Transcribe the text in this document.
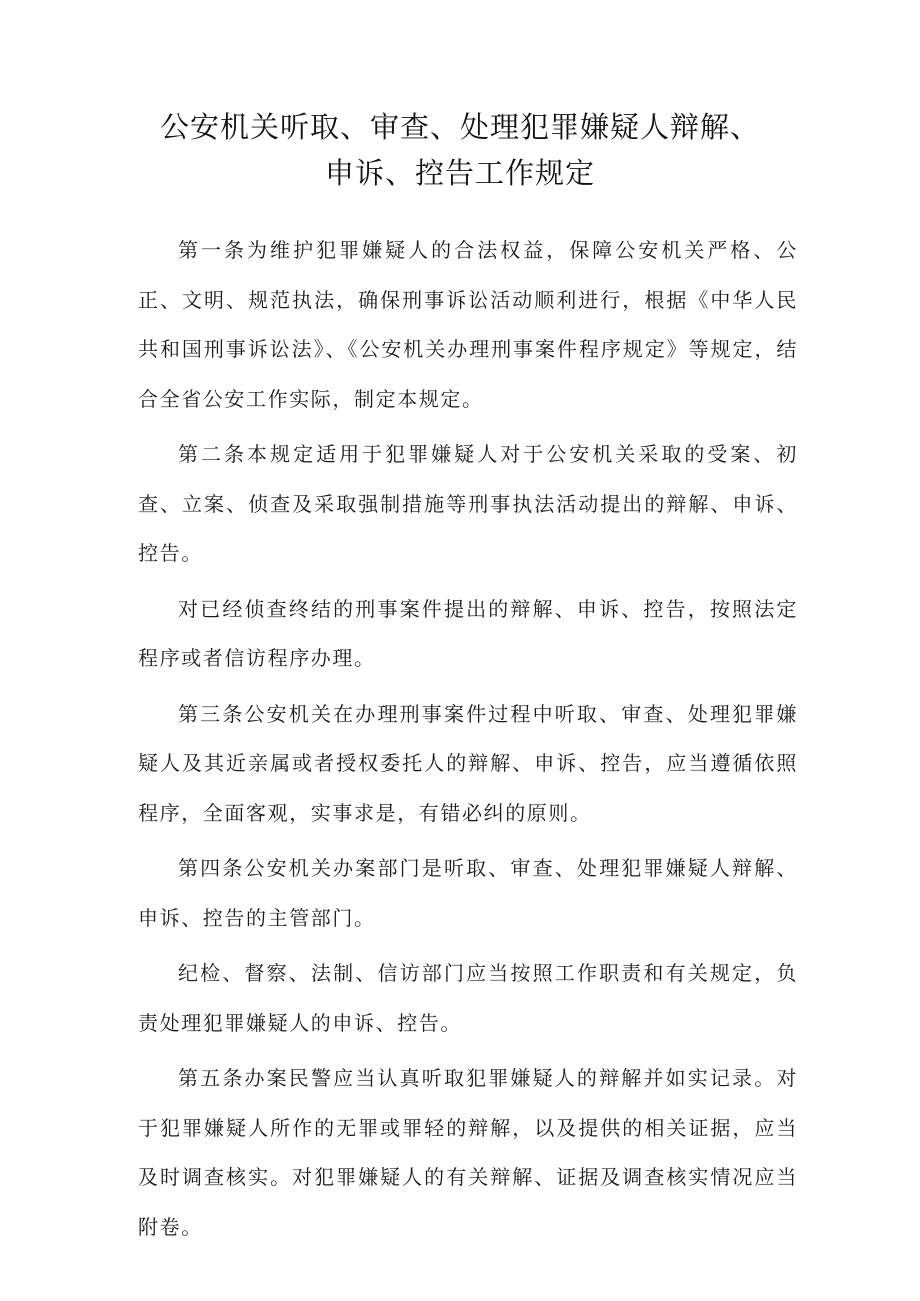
公安机关听取、审查、处理犯罪嫌疑人辩解、
申诉、控告工作规定

第一条为维护犯罪嫌疑人的合法权益，保障公安机关严格、公正、文明、规范执法，确保刑事诉讼活动顺利进行，根据《中华人民共和国刑事诉讼法》、《公安机关办理刑事案件程序规定》等规定，结合全省公安工作实际，制定本规定。

第二条本规定适用于犯罪嫌疑人对于公安机关采取的受案、初查、立案、侦查及采取强制措施等刑事执法活动提出的辩解、申诉、控告。

对已经侦查终结的刑事案件提出的辩解、申诉、控告，按照法定程序或者信访程序办理。

第三条公安机关在办理刑事案件过程中听取、审查、处理犯罪嫌疑人及其近亲属或者授权委托人的辩解、申诉、控告，应当遵循依照程序，全面客观，实事求是，有错必纠的原则。

第四条公安机关办案部门是听取、审查、处理犯罪嫌疑人辩解、申诉、控告的主管部门。

纪检、督察、法制、信访部门应当按照工作职责和有关规定，负责处理犯罪嫌疑人的申诉、控告。

第五条办案民警应当认真听取犯罪嫌疑人的辩解并如实记录。对于犯罪嫌疑人所作的无罪或罪轻的辩解，以及提供的相关证据，应当及时调查核实。对犯罪嫌疑人的有关辩解、证据及调查核实情况应当附卷。
